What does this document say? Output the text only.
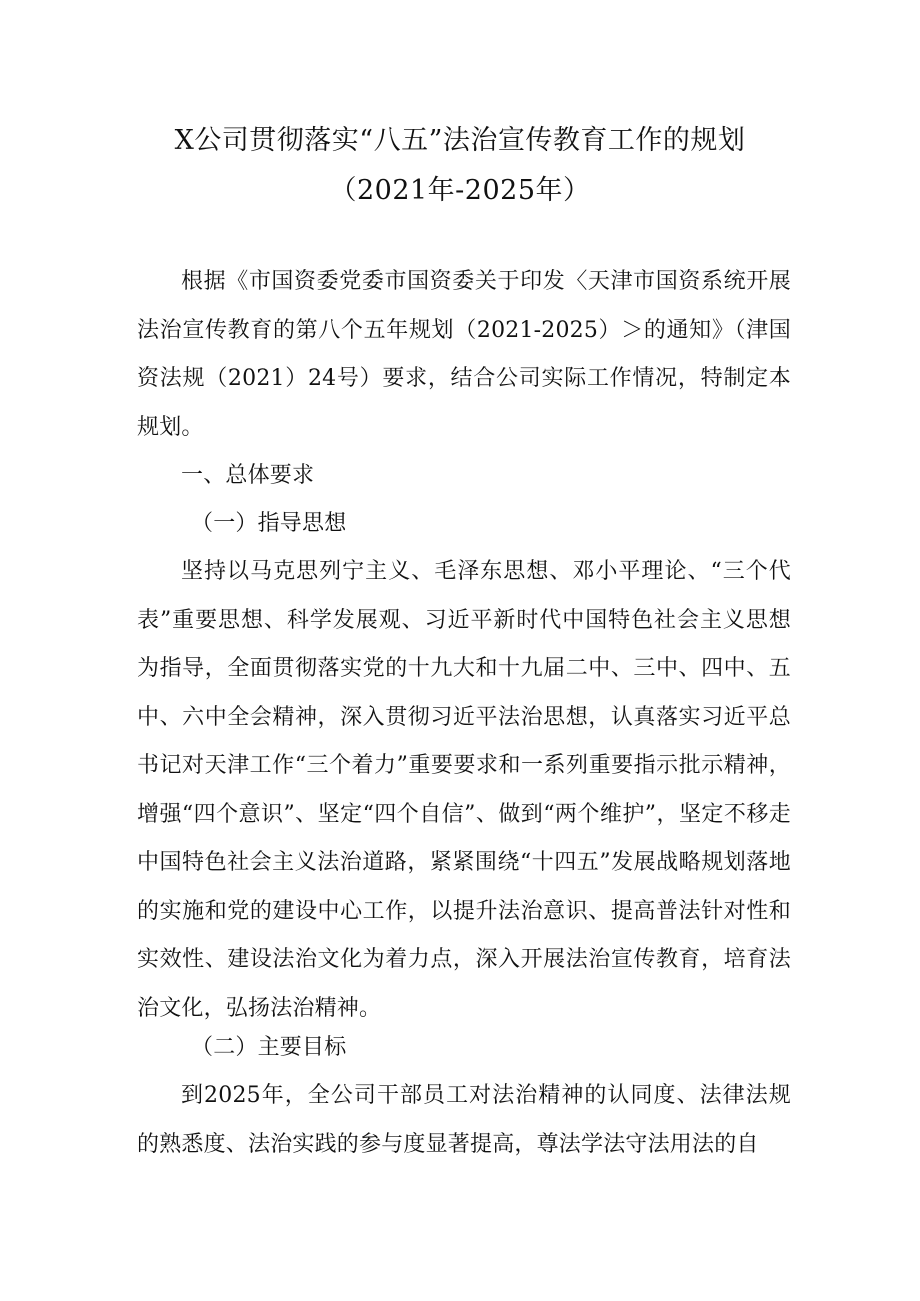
X公司贯彻落实“八五”法治宣传教育工作的规划
（2021年-2025年）
根据《市国资委党委市国资委关于印发〈天津市国资系统开展法治宣传教育的第八个五年规划（2021-2025）＞的通知》（津国资法规（2021）24号）要求，结合公司实际工作情况，特制定本规划。
一、总体要求
（一）指导思想
坚持以马克思列宁主义、毛泽东思想、邓小平理论、“三个代表”重要思想、科学发展观、习近平新时代中国特色社会主义思想为指导，全面贯彻落实党的十九大和十九届二中、三中、四中、五中、六中全会精神，深入贯彻习近平法治思想，认真落实习近平总书记对天津工作“三个着力”重要要求和一系列重要指示批示精神，增强“四个意识”、坚定“四个自信”、做到“两个维护”，坚定不移走中国特色社会主义法治道路，紧紧围绕“十四五”发展战略规划落地的实施和党的建设中心工作，以提升法治意识、提高普法针对性和实效性、建设法治文化为着力点，深入开展法治宣传教育，培育法治文化，弘扬法治精神。
（二）主要目标
到2025年，全公司干部员工对法治精神的认同度、法律法规的熟悉度、法治实践的参与度显著提高，尊法学法守法用法的自
